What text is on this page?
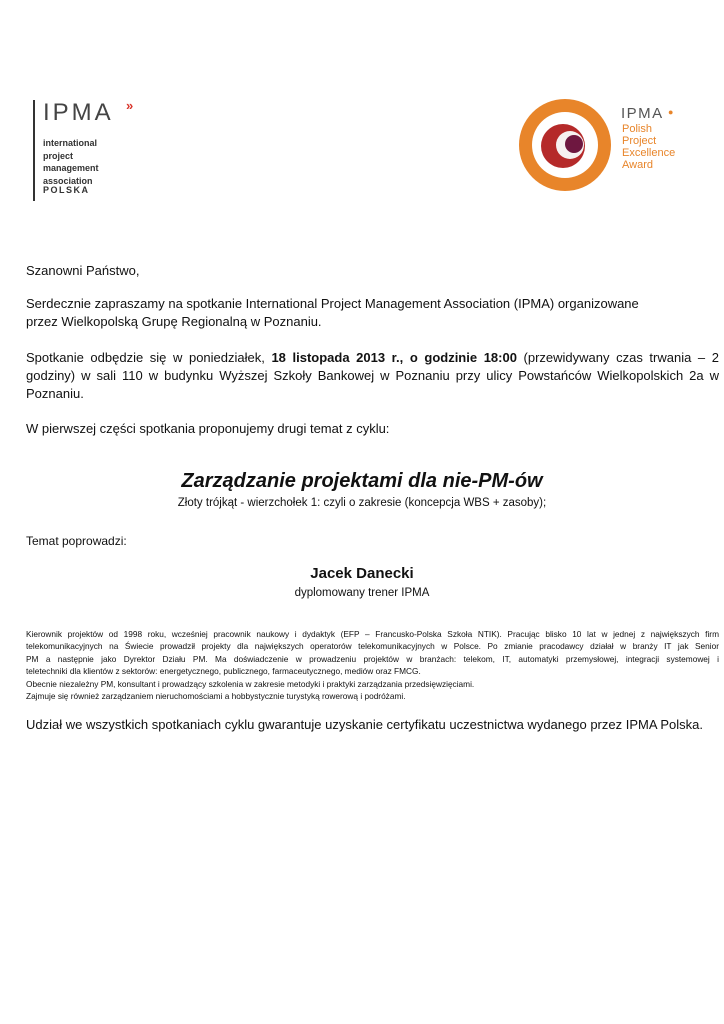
IPMA »
international
project
management
association
POLSKA
IPMA ●
Polish
Project
Excellence
Award

Szanowni Państwo,

Serdecznie zapraszamy na spotkanie International Project Management Association (IPMA) organizowane przez Wielkopolską Grupę Regionalną w Poznaniu.

Spotkanie odbędzie się w poniedziałek, 18 listopada 2013 r., o godzinie 18:00 (przewidywany czas trwania – 2 godziny) w sali 110 w budynku Wyższej Szkoły Bankowej w Poznaniu przy ulicy Powstańców Wielkopolskich 2a w Poznaniu.

W pierwszej części spotkania proponujemy drugi temat z cyklu:

Zarządzanie projektami dla nie-PM-ów

Złoty trójkąt - wierzchołek 1: czyli o zakresie (koncepcja WBS + zasoby);

Temat poprowadzi:

Jacek Danecki

dyplomowany trener IPMA

Kierownik projektów od 1998 roku, wcześniej pracownik naukowy i dydaktyk (EFP – Francusko-Polska Szkoła NTIK). Pracując blisko 10 lat w jednej z największych firm
telekomunikacyjnych na Świecie prowadził projekty dla największych operatorów telekomunikacyjnych w Polsce. Po zmianie pracodawcy działał w branży IT jak Senior
PM a następnie jako Dyrektor Działu PM. Ma doświadczenie w prowadzeniu projektów w branżach: telekom, IT, automatyki przemysłowej, integracji systemowej i
teletechniki dla klientów z sektorów: energetycznego, publicznego, farmaceutycznego, mediów oraz FMCG.
Obecnie niezależny PM, konsultant i prowadzący szkolenia w zakresie metodyki i praktyki zarządzania przedsięwzięciami.
Zajmuje się również zarządzaniem nieruchomościami a hobbystycznie turystyką rowerową i podróżami.

Udział we wszystkich spotkaniach cyklu gwarantuje uzyskanie certyfikatu uczestnictwa wydanego przez IPMA Polska.
